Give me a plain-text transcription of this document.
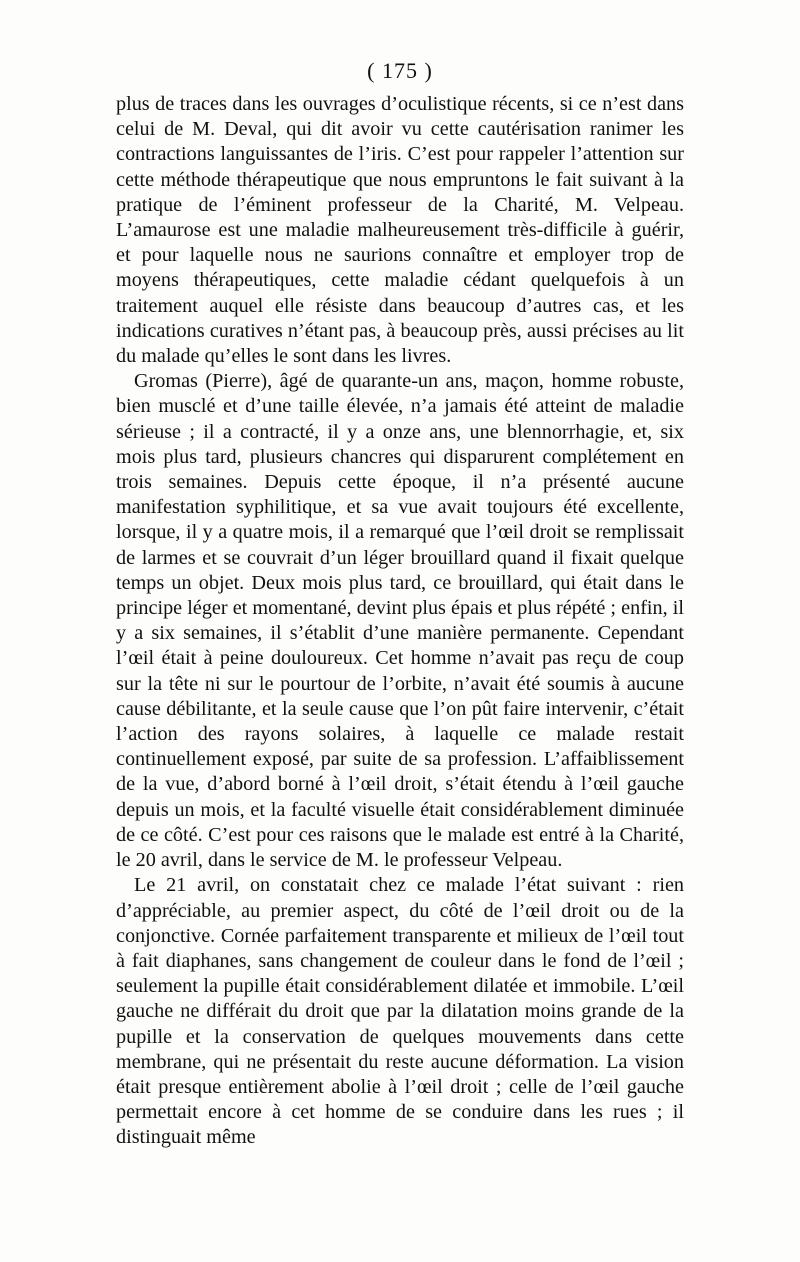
( 175 )

plus de traces dans les ouvrages d’oculistique récents, si ce n’est dans celui de M. Deval, qui dit avoir vu cette cautérisation ranimer les contractions languissantes de l’iris. C’est pour rappeler l’attention sur cette méthode thérapeutique que nous empruntons le fait suivant à la pratique de l’éminent professeur de la Charité, M. Velpeau. L’amaurose est une maladie malheureusement très-difficile à guérir, et pour laquelle nous ne saurions connaître et employer trop de moyens thérapeutiques, cette maladie cédant quelquefois à un traitement auquel elle résiste dans beaucoup d’autres cas, et les indications curatives n’étant pas, à beaucoup près, aussi précises au lit du malade qu’elles le sont dans les livres.

Gromas (Pierre), âgé de quarante-un ans, maçon, homme robuste, bien musclé et d’une taille élevée, n’a jamais été atteint de maladie sérieuse ; il a contracté, il y a onze ans, une blennorrhagie, et, six mois plus tard, plusieurs chancres qui disparurent complétement en trois semaines. Depuis cette époque, il n’a présenté aucune manifestation syphilitique, et sa vue avait toujours été excellente, lorsque, il y a quatre mois, il a remarqué que l’œil droit se remplissait de larmes et se couvrait d’un léger brouillard quand il fixait quelque temps un objet. Deux mois plus tard, ce brouillard, qui était dans le principe léger et momentané, devint plus épais et plus répété ; enfin, il y a six semaines, il s’établit d’une manière permanente. Cependant l’œil était à peine douloureux. Cet homme n’avait pas reçu de coup sur la tête ni sur le pourtour de l’orbite, n’avait été soumis à aucune cause débilitante, et la seule cause que l’on pût faire intervenir, c’était l’action des rayons solaires, à laquelle ce malade restait continuellement exposé, par suite de sa profession. L’affaiblissement de la vue, d’abord borné à l’œil droit, s’était étendu à l’œil gauche depuis un mois, et la faculté visuelle était considérablement diminuée de ce côté. C’est pour ces raisons que le malade est entré à la Charité, le 20 avril, dans le service de M. le professeur Velpeau.

Le 21 avril, on constatait chez ce malade l’état suivant : rien d’appréciable, au premier aspect, du côté de l’œil droit ou de la conjonctive. Cornée parfaitement transparente et milieux de l’œil tout à fait diaphanes, sans changement de couleur dans le fond de l’œil ; seulement la pupille était considérablement dilatée et immobile. L’œil gauche ne différait du droit que par la dilatation moins grande de la pupille et la conservation de quelques mouvements dans cette membrane, qui ne présentait du reste aucune déformation. La vision était presque entièrement abolie à l’œil droit ; celle de l’œil gauche permettait encore à cet homme de se conduire dans les rues ; il distinguait même
